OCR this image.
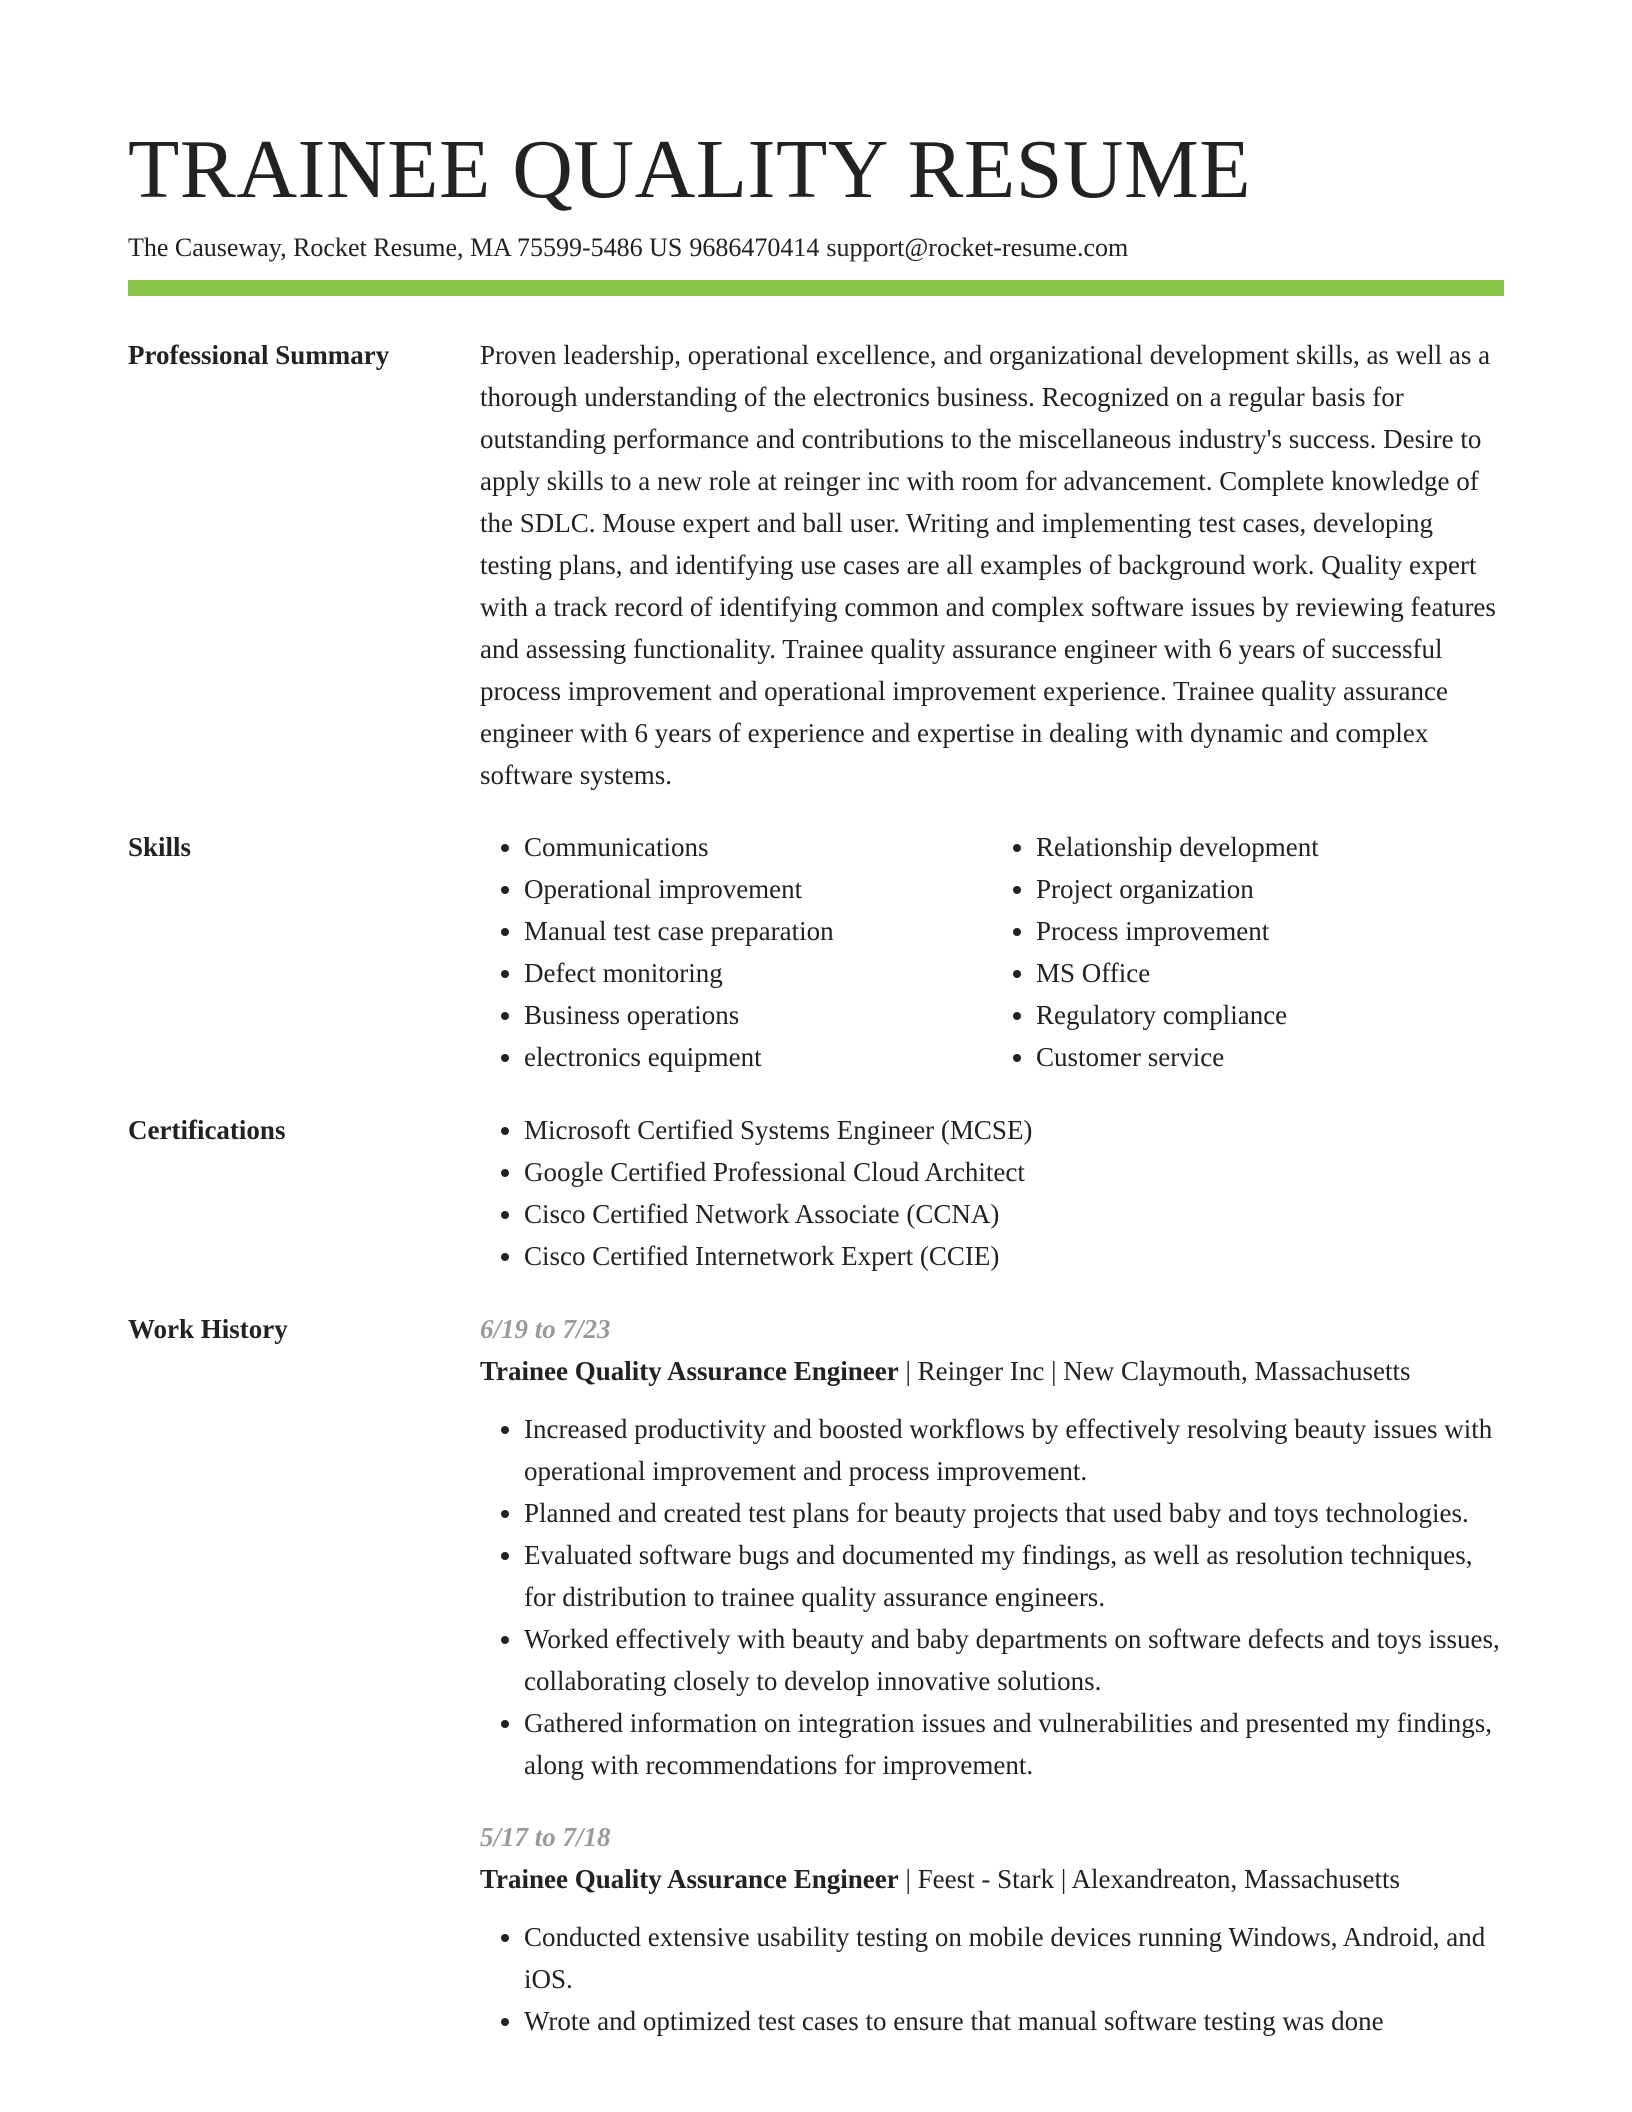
TRAINEE QUALITY RESUME
The Causeway, Rocket Resume, MA 75599-5486 US 9686470414 support@rocket-resume.com
Professional Summary	Proven leadership, operational excellence, and organizational development skills, as well as a thorough understanding of the electronics business. Recognized on a regular basis for outstanding performance and contributions to the miscellaneous industry's success. Desire to apply skills to a new role at reinger inc with room for advancement. Complete knowledge of the SDLC. Mouse expert and ball user. Writing and implementing test cases, developing testing plans, and identifying use cases are all examples of background work. Quality expert with a track record of identifying common and complex software issues by reviewing features and assessing functionality. Trainee quality assurance engineer with 6 years of successful process improvement and operational improvement experience. Trainee quality assurance engineer with 6 years of experience and expertise in dealing with dynamic and complex software systems.

Skills	• Communications
• Operational improvement
• Manual test case preparation
• Defect monitoring
• Business operations
• electronics equipment
• Relationship development
• Project organization
• Process improvement
• MS Office
• Regulatory compliance
• Customer service
Certifications	• Microsoft Certified Systems Engineer (MCSE)
• Google Certified Professional Cloud Architect
• Cisco Certified Network Associate (CCNA)
• Cisco Certified Internetwork Expert (CCIE)
Work History	6/19 to 7/23
Trainee Quality Assurance Engineer | Reinger Inc | New Claymouth, Massachusetts
• Increased productivity and boosted workflows by effectively resolving beauty issues with operational improvement and process improvement.
• Planned and created test plans for beauty projects that used baby and toys technologies.
• Evaluated software bugs and documented my findings, as well as resolution techniques, for distribution to trainee quality assurance engineers.
• Worked effectively with beauty and baby departments on software defects and toys issues, collaborating closely to develop innovative solutions.
• Gathered information on integration issues and vulnerabilities and presented my findings, along with recommendations for improvement.
5/17 to 7/18
Trainee Quality Assurance Engineer | Feest - Stark | Alexandreaton, Massachusetts
• Conducted extensive usability testing on mobile devices running Windows, Android, and iOS.
• Wrote and optimized test cases to ensure that manual software testing was done
